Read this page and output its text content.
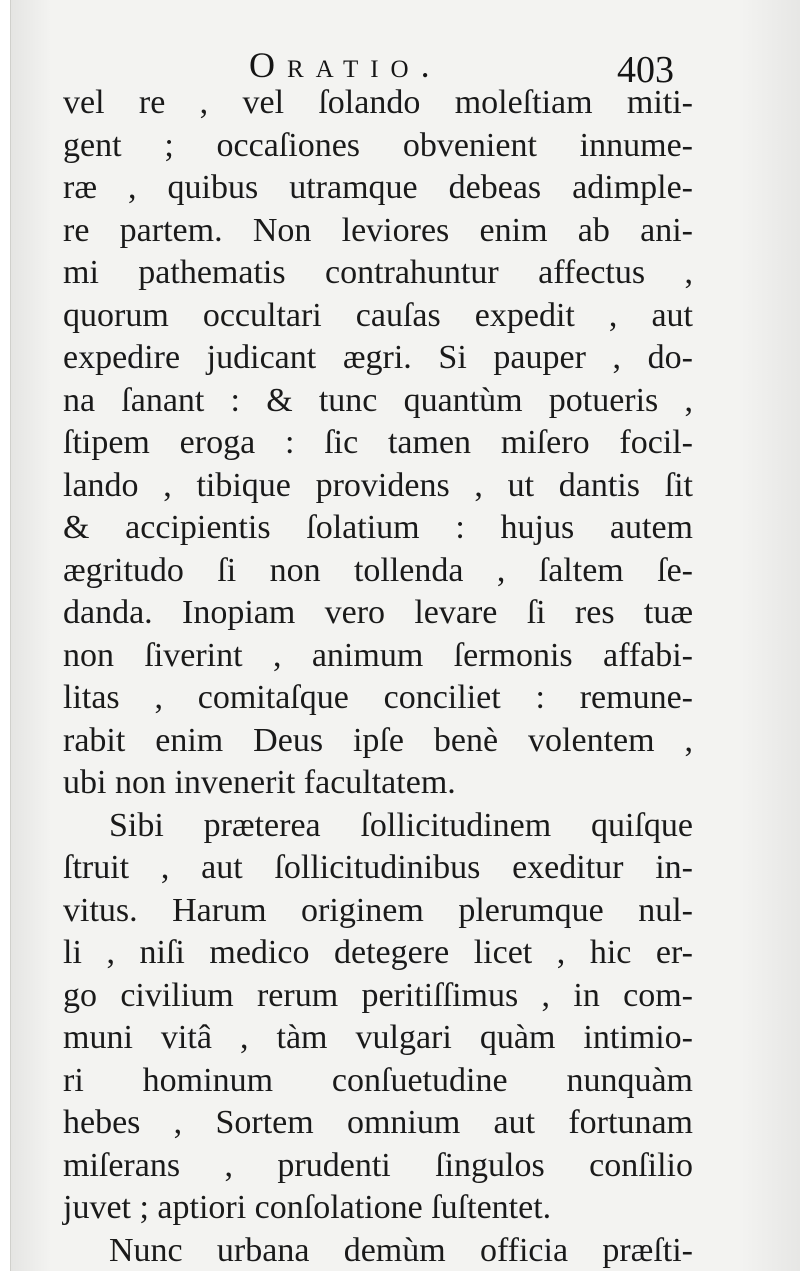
Oratio.	403
vel re , vel ſolando moleſtiam miti-
gent ; occaſiones obvenient innume-
ræ , quibus utramque debeas adimple-
re partem. Non leviores enim ab ani-
mi pathematis contrahuntur affectus ,
quorum occultari cauſas expedit , aut
expedire judicant ægri. Si pauper , do-
na ſanant : & tunc quantùm potueris ,
ſtipem eroga : ſic tamen miſero focil-
lando , tibique providens , ut dantis ſit
& accipientis ſolatium : hujus autem
ægritudo ſi non tollenda , ſaltem ſe-
danda. Inopiam vero levare ſi res tuæ
non ſiverint , animum ſermonis affabi-
litas , comitaſque conciliet : remune-
rabit enim Deus ipſe benè volentem ,
ubi non invenerit facultatem.
Sibi præterea ſollicitudinem quiſque
ſtruit , aut ſollicitudinibus exeditur in-
vitus. Harum originem plerumque nul-
li , niſi medico detegere licet , hic er-
go civilium rerum peritiſſimus , in com-
muni vitâ , tàm vulgari quàm intimio-
ri hominum conſuetudine nunquàm
hebes , Sortem omnium aut fortunam
miſerans , prudenti ſingulos conſilio
juvet ; aptiori conſolatione ſuſtentet.
Nunc urbana demùm officia præſti-
